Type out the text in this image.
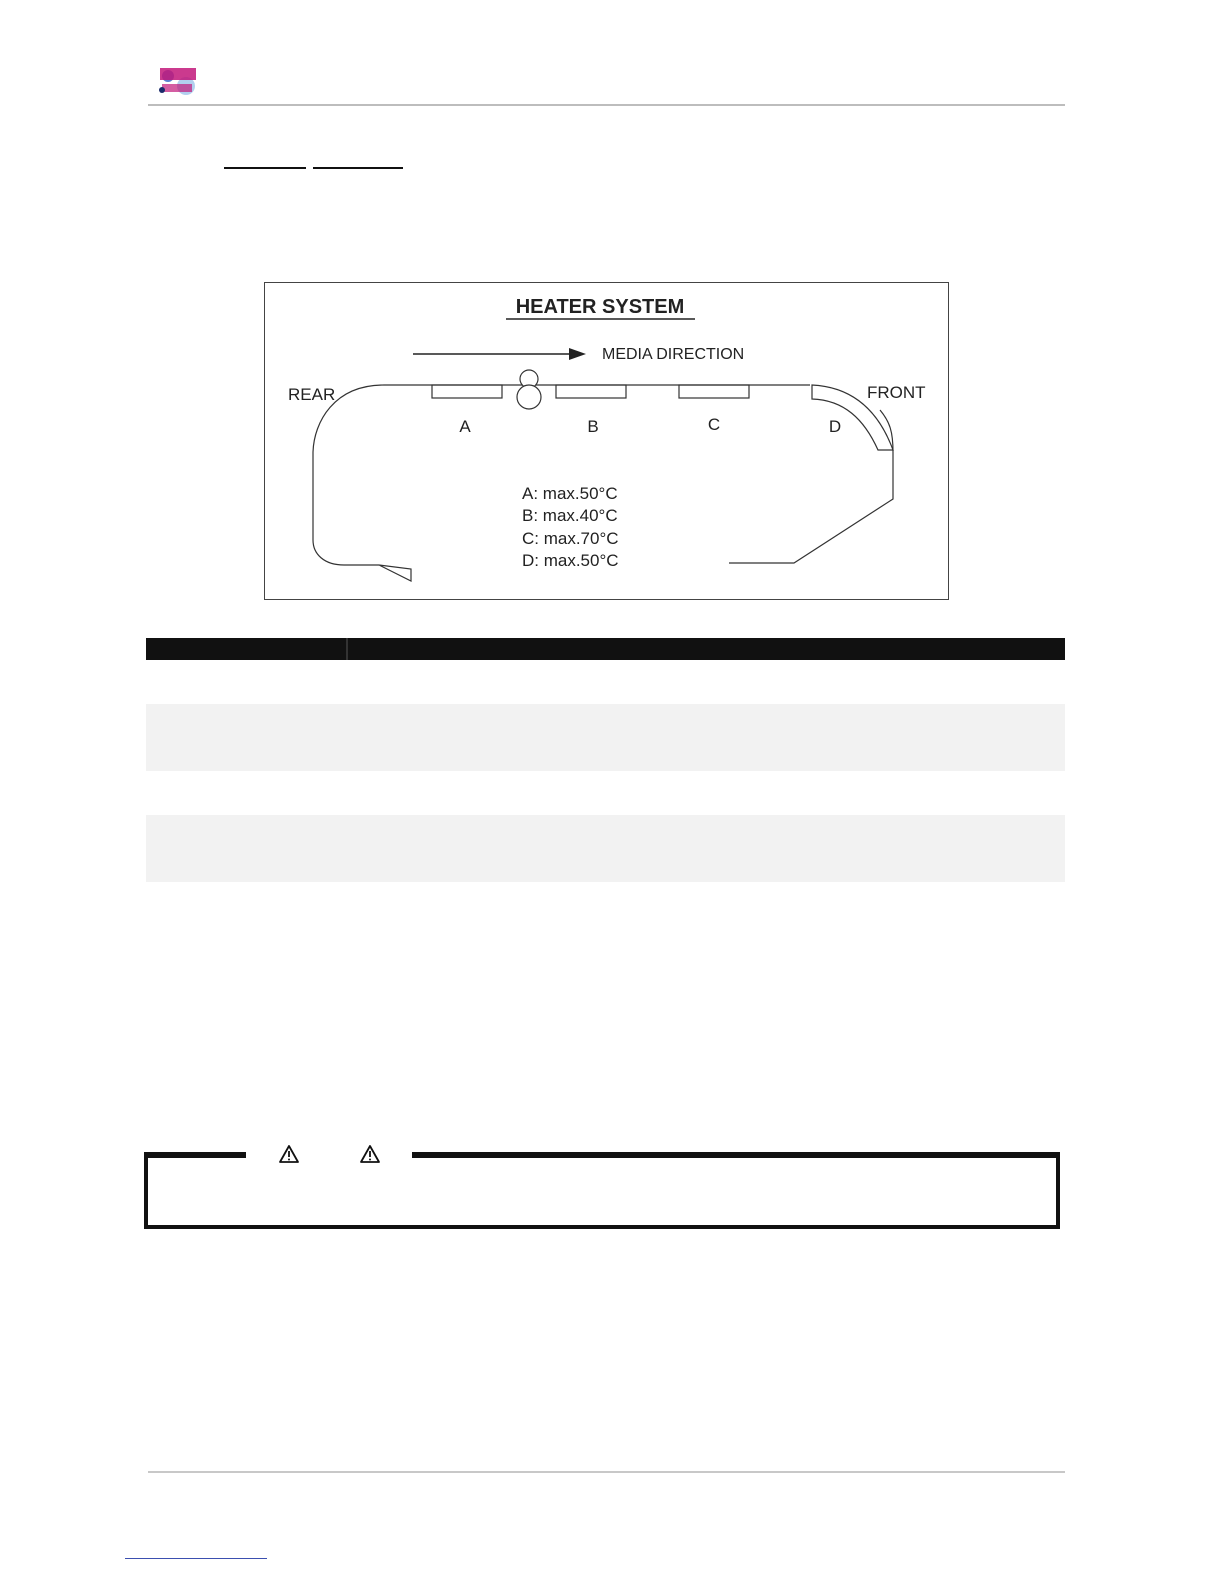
HEATER SYSTEM
MEDIA DIRECTION
REAR	FRONT
A	B	C	D
A: max.50°C
B: max.40°C
C: max.70°C
D: max.50°C
